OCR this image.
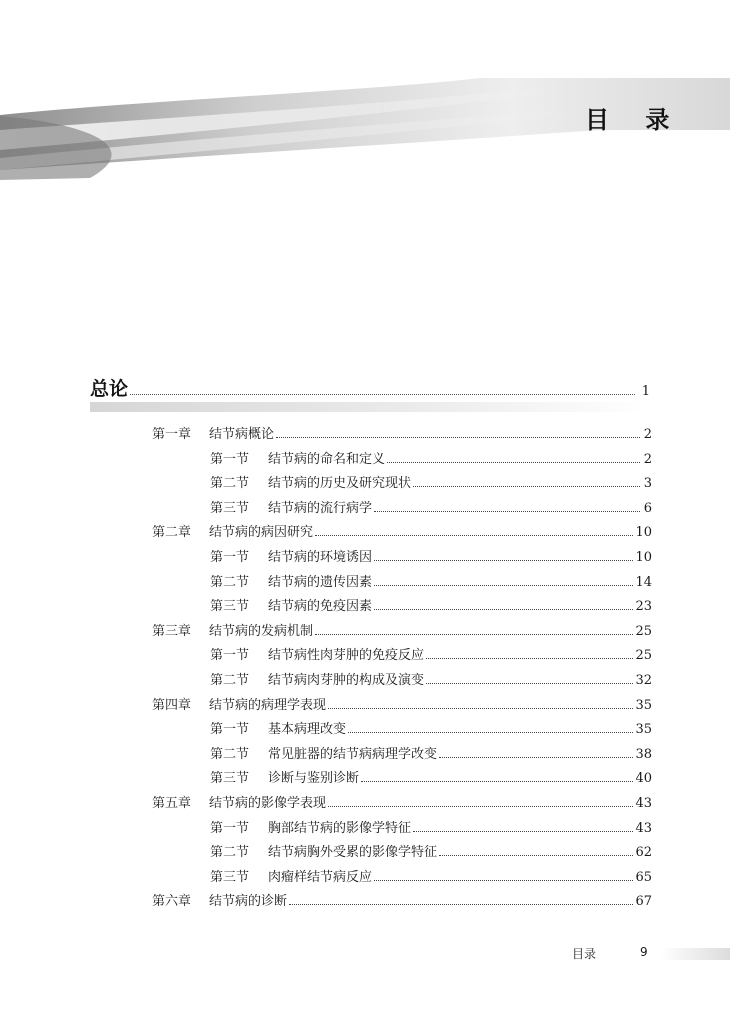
目 录
总论	1
第一章	结节病概论	2
第一节	结节病的命名和定义	2
第二节	结节病的历史及研究现状	3
第三节	结节病的流行病学	6
第二章	结节病的病因研究	10
第一节	结节病的环境诱因	10
第二节	结节病的遗传因素	14
第三节	结节病的免疫因素	23
第三章	结节病的发病机制	25
第一节	结节病性肉芽肿的免疫反应	25
第二节	结节病肉芽肿的构成及演变	32
第四章	结节病的病理学表现	35
第一节	基本病理改变	35
第二节	常见脏器的结节病病理学改变	38
第三节	诊断与鉴别诊断	40
第五章	结节病的影像学表现	43
第一节	胸部结节病的影像学特征	43
第二节	结节病胸外受累的影像学特征	62
第三节	肉瘤样结节病反应	65
第六章	结节病的诊断	67
目录	9
